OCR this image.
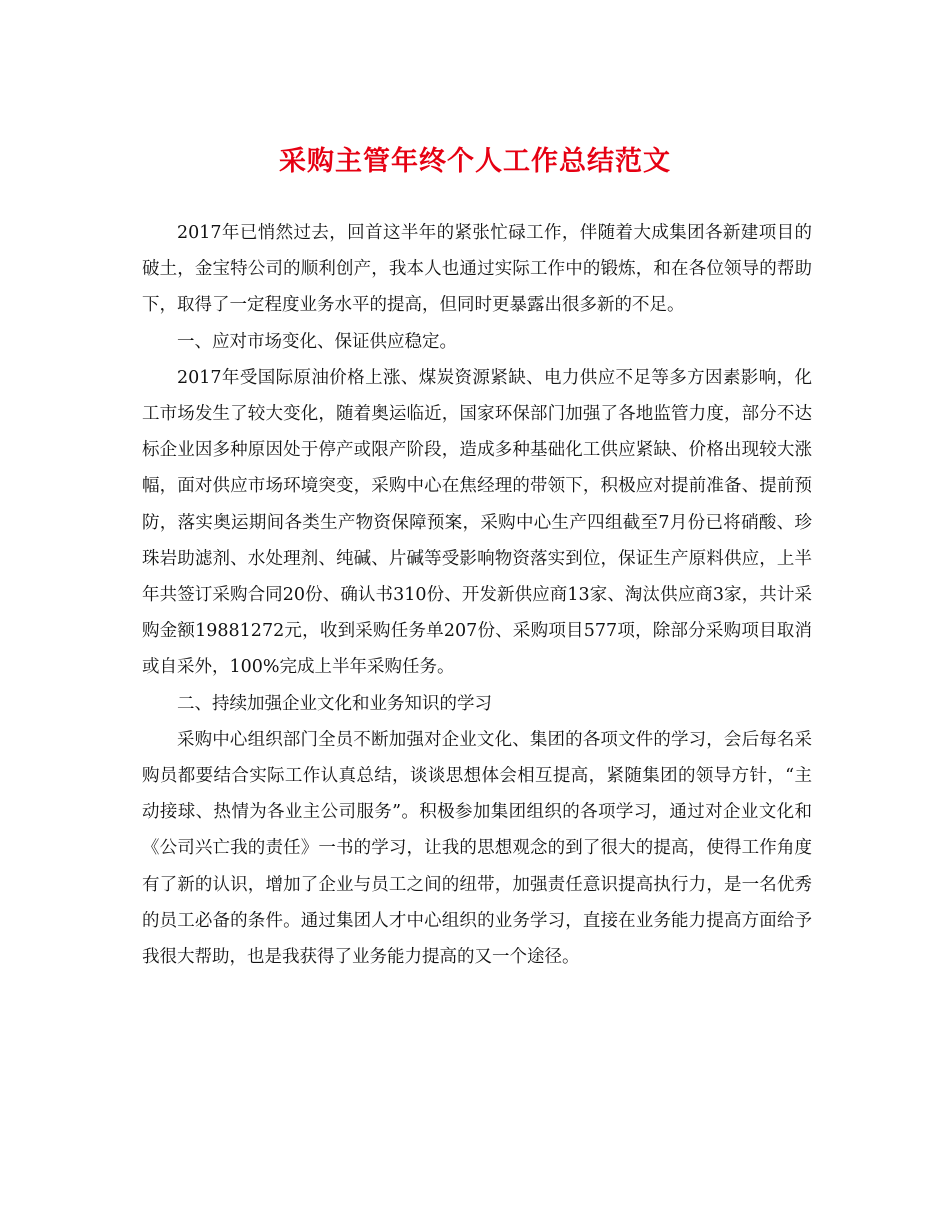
采购主管年终个人工作总结范文

2017年已悄然过去，回首这半年的紧张忙碌工作，伴随着大成集团各新建项目的破土，金宝特公司的顺利创产，我本人也通过实际工作中的锻炼，和在各位领导的帮助下，取得了一定程度业务水平的提高，但同时更暴露出很多新的不足。

一、应对市场变化、保证供应稳定。

2017年受国际原油价格上涨、煤炭资源紧缺、电力供应不足等多方因素影响，化工市场发生了较大变化，随着奥运临近，国家环保部门加强了各地监管力度，部分不达标企业因多种原因处于停产或限产阶段，造成多种基础化工供应紧缺、价格出现较大涨幅，面对供应市场环境突变，采购中心在焦经理的带领下，积极应对提前准备、提前预防，落实奥运期间各类生产物资保障预案，采购中心生产四组截至7月份已将硝酸、珍珠岩助滤剂、水处理剂、纯碱、片碱等受影响物资落实到位，保证生产原料供应，上半年共签订采购合同20份、确认书310份、开发新供应商13家、淘汰供应商3家，共计采购金额19881272元，收到采购任务单207份、采购项目577项，除部分采购项目取消或自采外，100%完成上半年采购任务。

二、持续加强企业文化和业务知识的学习

采购中心组织部门全员不断加强对企业文化、集团的各项文件的学习，会后每名采购员都要结合实际工作认真总结，谈谈思想体会相互提高，紧随集团的领导方针，“主动接球、热情为各业主公司服务”。积极参加集团组织的各项学习，通过对企业文化和《公司兴亡我的责任》一书的学习，让我的思想观念的到了很大的提高，使得工作角度有了新的认识，增加了企业与员工之间的纽带，加强责任意识提高执行力，是一名优秀的员工必备的条件。通过集团人才中心组织的业务学习，直接在业务能力提高方面给予我很大帮助，也是我获得了业务能力提高的又一个途径。
